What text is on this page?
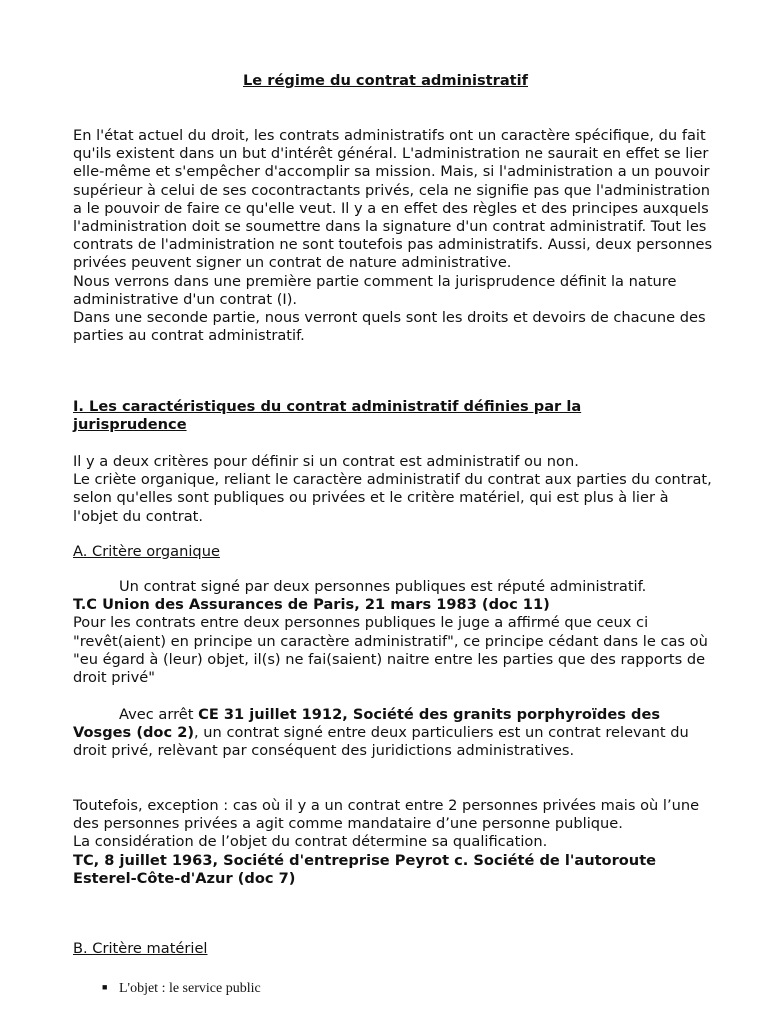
Le régime du contrat administratif

En l'état actuel du droit, les contrats administratifs ont un caractère spécifique, du fait qu'ils existent dans un but d'intérêt général. L'administration ne saurait en effet se lier elle-même et s'empêcher d'accomplir sa mission. Mais, si l'administration a un pouvoir supérieur à celui de ses cocontractants privés, cela ne signifie pas que l'administration a le pouvoir de faire ce qu'elle veut. Il y a en effet des règles et des principes auxquels l'administration doit se soumettre dans la signature d'un contrat administratif. Tout les contrats de l'administration ne sont toutefois pas administratifs. Aussi, deux personnes privées peuvent signer un contrat de nature administrative.

Nous verrons dans une première partie comment la jurisprudence définit la nature administrative d'un contrat (I).

Dans une seconde partie, nous verront quels sont les droits et devoirs de chacune des parties au contrat administratif.

I. Les caractéristiques du contrat administratif définies par la jurisprudence

Il y a deux critères pour définir si un contrat est administratif ou non.

Le criète organique, reliant le caractère administratif du contrat aux parties du contrat, selon qu'elles sont publiques ou privées et le critère matériel, qui est plus à lier à l'objet du contrat.

A. Critère organique

Un contrat signé par deux personnes publiques est réputé administratif.

T.C Union des Assurances de Paris, 21 mars 1983 (doc 11)

Pour les contrats entre deux personnes publiques le juge a affirmé que ceux ci "revêt(aient) en principe un caractère administratif", ce principe cédant dans le cas où "eu égard à (leur) objet, il(s) ne fai(saient) naitre entre les parties que des rapports de droit privé"

Avec arrêt CE 31 juillet 1912, Société des granits porphyroïdes des Vosges (doc 2), un contrat signé entre deux particuliers est un contrat relevant du droit privé, relèvant par conséquent des juridictions administratives.

Toutefois, exception : cas où il y a un contrat entre 2 personnes privées mais où l’une des personnes privées a agit comme mandataire d’une personne publique.

La considération de l’objet du contrat détermine sa qualification.

TC, 8 juillet 1963, Société d'entreprise Peyrot c. Société de l'autoroute Esterel-Côte-d'Azur (doc 7)

B. Critère matériel

■ L'objet : le service public
